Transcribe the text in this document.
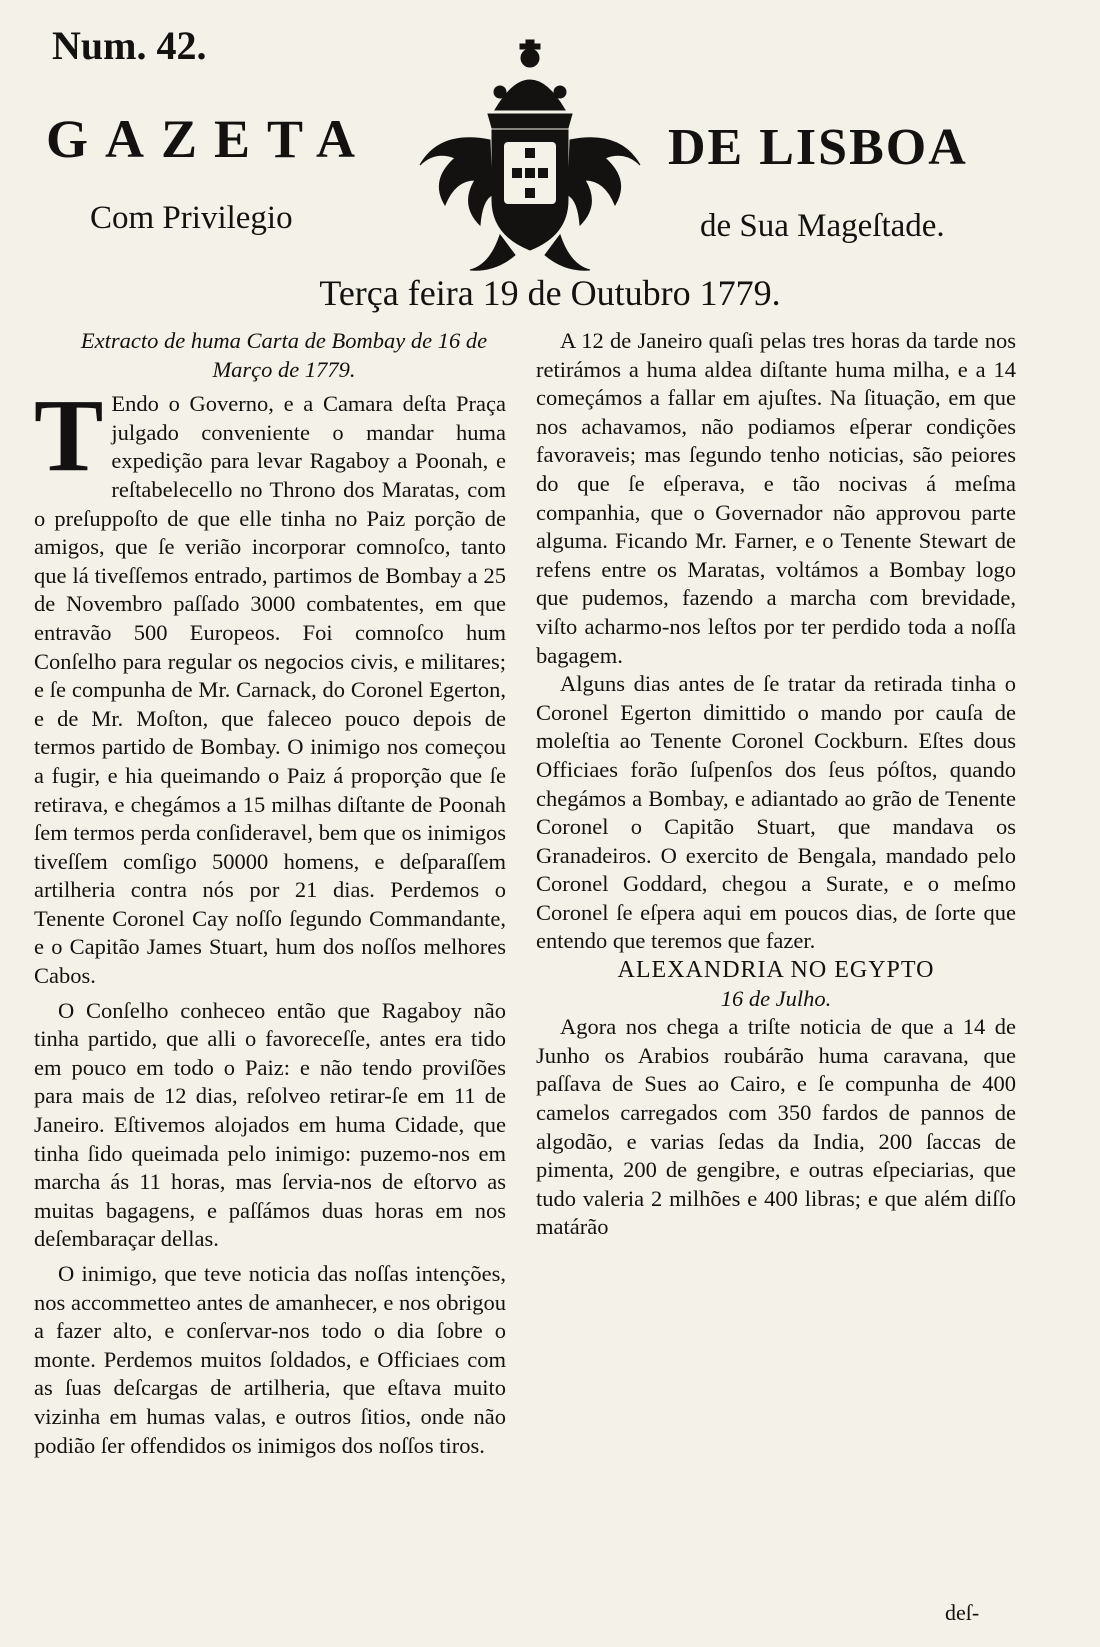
Num. 42.
GAZETA	DE LISBOA
Com Privilegio	de Sua Mageſtade.
Terça feira 19 de Outubro 1779.

Extracto de huma Carta de Bombay de 16 de Março de 1779.

T Endo o Governo, e a Camara deſta Praça julgado conveniente o mandar huma expedição para levar Ragaboy a Poonah, e reſtabelecello no Throno dos Maratas, com o preſuppoſto de que elle tinha no Paiz porção de amigos, que ſe verião incorporar comnoſco, tanto que lá tiveſſemos entrado, partimos de Bombay a 25 de Novembro paſſado 3000 combatentes, em que entravão 500 Europeos. Foi comnoſco hum Conſelho para regular os negocios civis, e militares; e ſe compunha de Mr. Carnack, do Coronel Egerton, e de Mr. Moſton, que faleceo pouco depois de termos partido de Bombay. O inimigo nos começou a fugir, e hia queimando o Paiz á proporção que ſe retirava, e chegámos a 15 milhas diſtante de Poonah ſem termos perda conſideravel, bem que os inimigos tiveſſem comſigo 50000 homens, e deſparaſſem artilheria contra nós por 21 dias. Perdemos o Tenente Coronel Cay noſſo ſegundo Commandante, e o Capitão James Stuart, hum dos noſſos melhores Cabos.

O Conſelho conheceo então que Ragaboy não tinha partido, que alli o favoreceſſe, antes era tido em pouco em todo o Paiz: e não tendo proviſões para mais de 12 dias, reſolveo retirar-ſe em 11 de Janeiro. Eſtivemos alojados em huma Cidade, que tinha ſido queimada pelo inimigo: puzemo-nos em marcha ás 11 horas, mas ſervia-nos de eſtorvo as muitas bagagens, e paſſámos duas horas em nos deſembaraçar dellas.

O inimigo, que teve noticia das noſſas intenções, nos accommetteo antes de amanhecer, e nos obrigou a fazer alto, e conſervar-nos todo o dia ſobre o monte. Perdemos muitos ſoldados, e Officiaes com as ſuas deſcargas de artilheria, que eſtava muito vizinha em humas valas, e outros ſitios, onde não podião ſer offendidos os inimigos dos noſſos tiros.

A 12 de Janeiro quaſi pelas tres horas da tarde nos retirámos a huma aldea diſtante huma milha, e a 14 começámos a fallar em ajuſtes. Na ſituação, em que nos achavamos, não podiamos eſperar condições favoraveis; mas ſegundo tenho noticias, são peiores do que ſe eſperava, e tão nocivas á meſma companhia, que o Governador não approvou parte alguma. Ficando Mr. Farner, e o Tenente Stewart de refens entre os Maratas, voltámos a Bombay logo que pudemos, fazendo a marcha com brevidade, viſto acharmo-nos leſtos por ter perdido toda a noſſa bagagem.

Alguns dias antes de ſe tratar da retirada tinha o Coronel Egerton dimittido o mando por cauſa de moleſtia ao Tenente Coronel Cockburn. Eſtes dous Officiaes forão ſuſpenſos dos ſeus póſtos, quando chegámos a Bombay, e adiantado ao grão de Tenente Coronel o Capitão Stuart, que mandava os Granadeiros. O exercito de Bengala, mandado pelo Coronel Goddard, chegou a Surate, e o meſmo Coronel ſe eſpera aqui em poucos dias, de ſorte que entendo que teremos que fazer.

ALEXANDRIA NO EGYPTO

16 de Julho.

Agora nos chega a triſte noticia de que a 14 de Junho os Arabios roubárão huma caravana, que paſſava de Sues ao Cairo, e ſe compunha de 400 camelos carregados com 350 fardos de pannos de algodão, e varias ſedas da India, 200 ſaccas de pimenta, 200 de gengibre, e outras eſpeciarias, que tudo valeria 2 milhões e 400 libras; e que além diſſo matárão

deſ-
